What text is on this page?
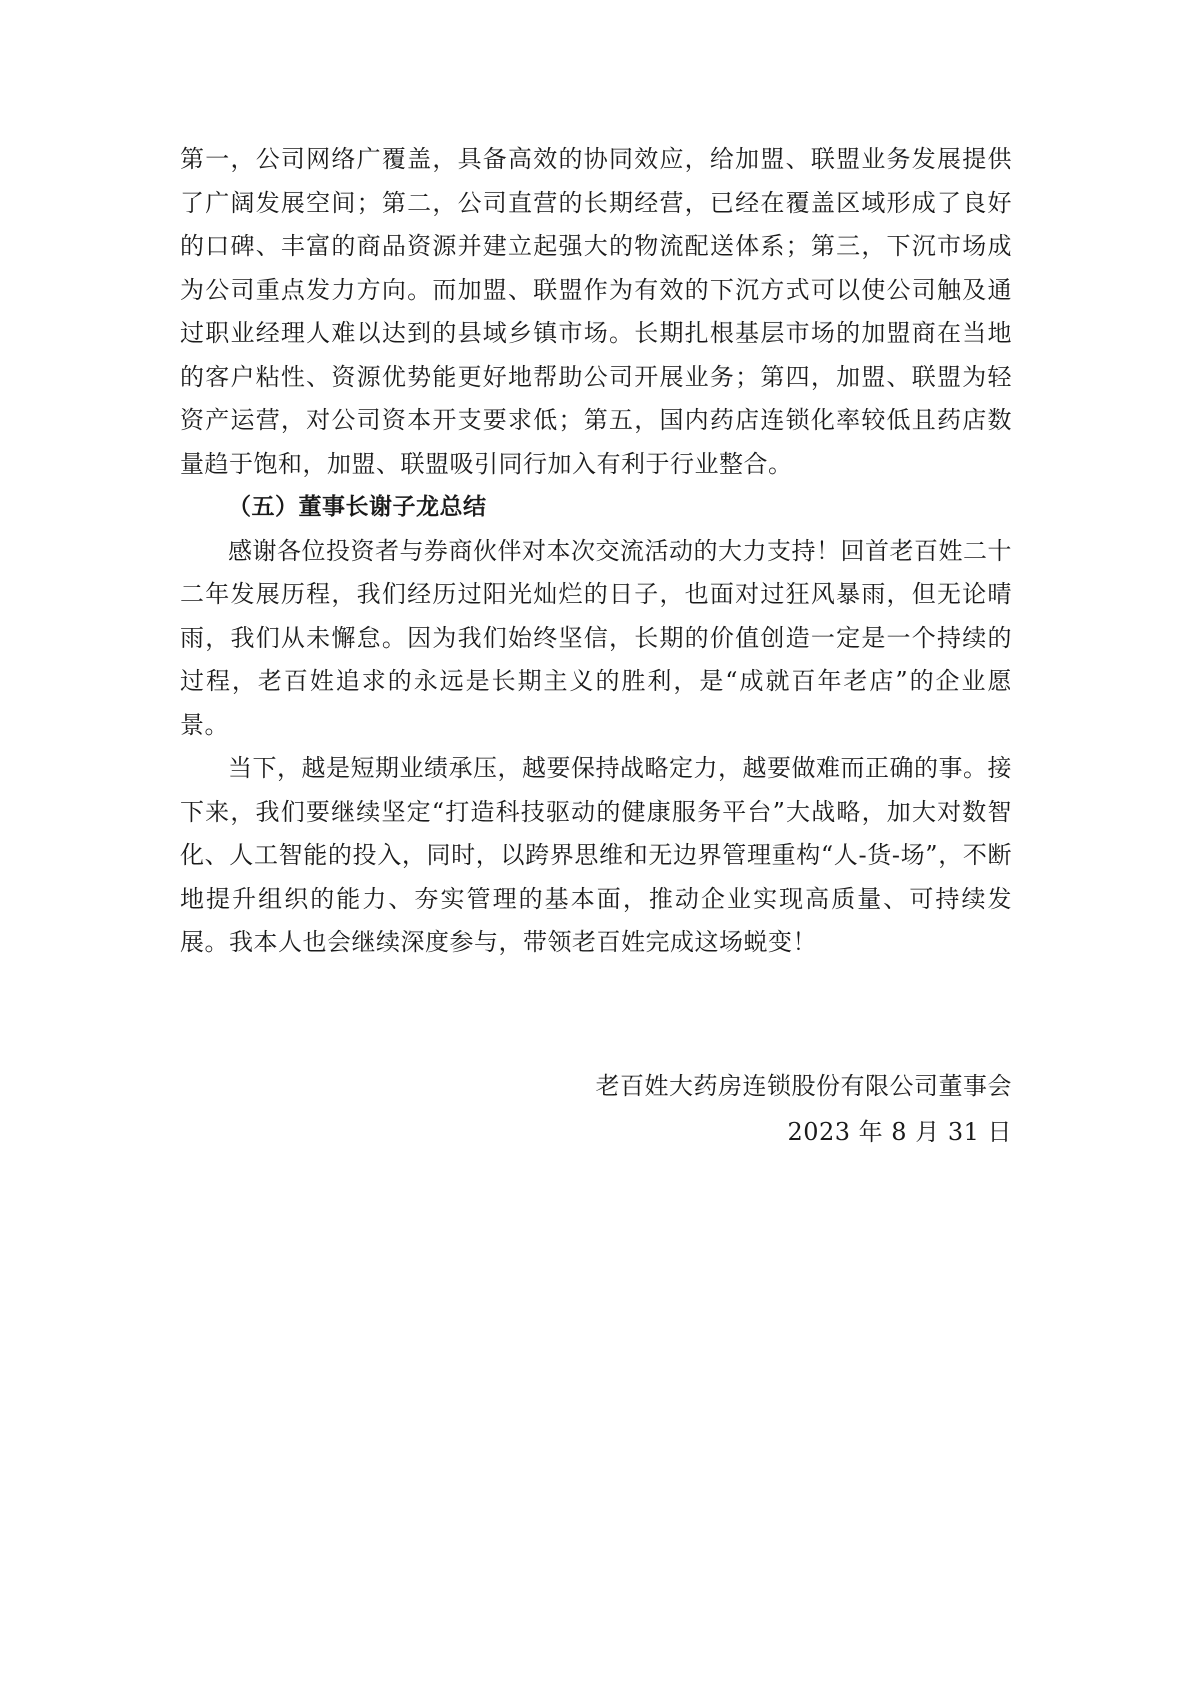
第一，公司网络广覆盖，具备高效的协同效应，给加盟、联盟业务发展提供了广阔发展空间；第二，公司直营的长期经营，已经在覆盖区域形成了良好的口碑、丰富的商品资源并建立起强大的物流配送体系；第三，下沉市场成为公司重点发力方向。而加盟、联盟作为有效的下沉方式可以使公司触及通过职业经理人难以达到的县域乡镇市场。长期扎根基层市场的加盟商在当地的客户粘性、资源优势能更好地帮助公司开展业务；第四，加盟、联盟为轻资产运营，对公司资本开支要求低；第五，国内药店连锁化率较低且药店数量趋于饱和，加盟、联盟吸引同行加入有利于行业整合。

（五）董事长谢子龙总结

感谢各位投资者与券商伙伴对本次交流活动的大力支持！回首老百姓二十二年发展历程，我们经历过阳光灿烂的日子，也面对过狂风暴雨，但无论晴雨，我们从未懈怠。因为我们始终坚信，长期的价值创造一定是一个持续的过程，老百姓追求的永远是长期主义的胜利，是“成就百年老店”的企业愿景。

当下，越是短期业绩承压，越要保持战略定力，越要做难而正确的事。接下来，我们要继续坚定“打造科技驱动的健康服务平台”大战略，加大对数智化、人工智能的投入，同时，以跨界思维和无边界管理重构“人-货-场”，不断地提升组织的能力、夯实管理的基本面，推动企业实现高质量、可持续发展。我本人也会继续深度参与，带领老百姓完成这场蜕变！

老百姓大药房连锁股份有限公司董事会
2023 年 8 月 31 日
